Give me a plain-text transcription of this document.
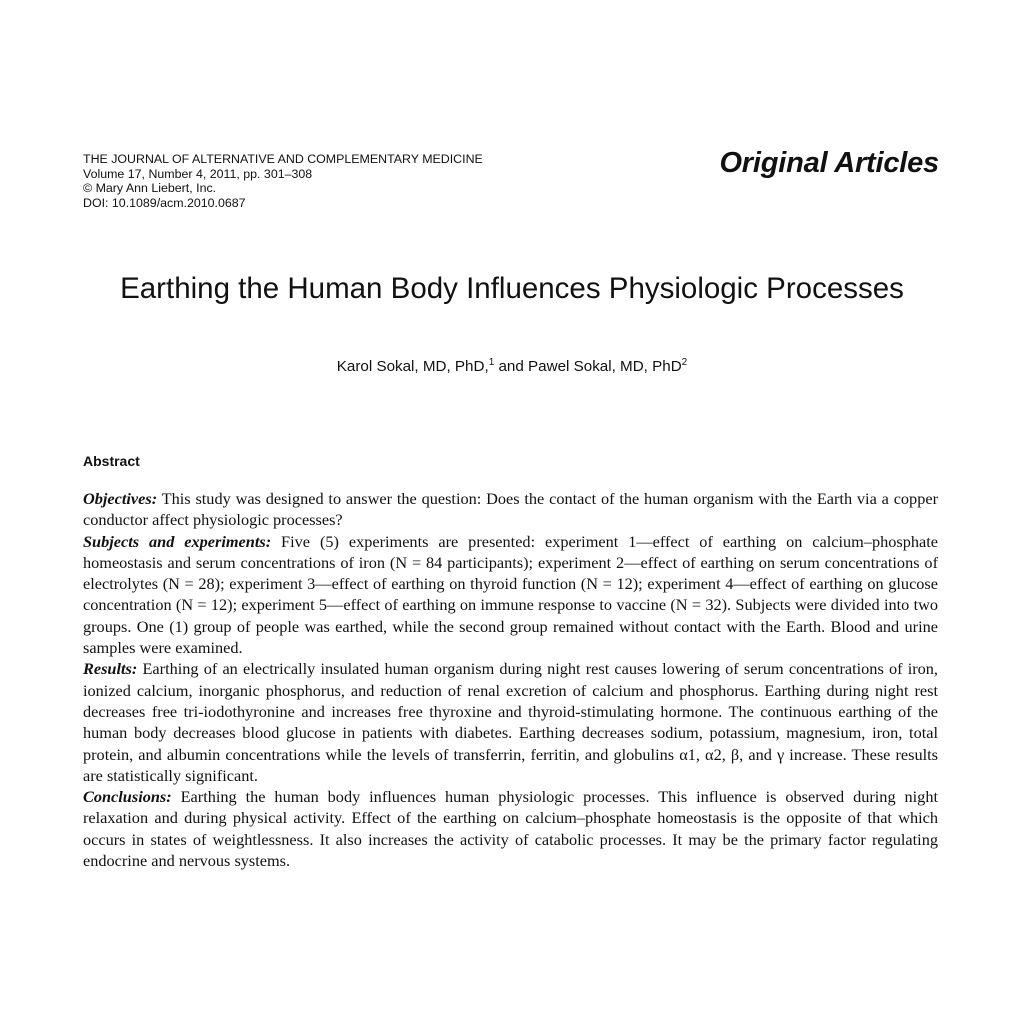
THE JOURNAL OF ALTERNATIVE AND COMPLEMENTARY MEDICINE
Volume 17, Number 4, 2011, pp. 301–308
© Mary Ann Liebert, Inc.
DOI: 10.1089/acm.2010.0687
Original Articles
Earthing the Human Body Influences Physiologic Processes
Karol Sokal, MD, PhD,$^1$ and Pawel Sokal, MD, PhD$^2$
Abstract

Objectives: This study was designed to answer the question: Does the contact of the human organism with the Earth via a copper conductor affect physiologic processes?

Subjects and experiments: Five (5) experiments are presented: experiment 1—effect of earthing on calcium–phosphate homeostasis and serum concentrations of iron (N = 84 participants); experiment 2—effect of earthing on serum concentrations of electrolytes (N = 28); experiment 3—effect of earthing on thyroid function (N = 12); experiment 4—effect of earthing on glucose concentration (N = 12); experiment 5—effect of earthing on immune response to vaccine (N = 32). Subjects were divided into two groups. One (1) group of people was earthed, while the second group remained without contact with the Earth. Blood and urine samples were examined.

Results: Earthing of an electrically insulated human organism during night rest causes lowering of serum concentrations of iron, ionized calcium, inorganic phosphorus, and reduction of renal excretion of calcium and phosphorus. Earthing during night rest decreases free tri-iodothyronine and increases free thyroxine and thyroid-stimulating hormone. The continuous earthing of the human body decreases blood glucose in patients with diabetes. Earthing decreases sodium, potassium, magnesium, iron, total protein, and albumin concentrations while the levels of transferrin, ferritin, and globulins α1, α2, β, and γ increase. These results are statistically significant.

Conclusions: Earthing the human body influences human physiologic processes. This influence is observed during night relaxation and during physical activity. Effect of the earthing on calcium–phosphate homeostasis is the opposite of that which occurs in states of weightlessness. It also increases the activity of catabolic processes. It may be the primary factor regulating endocrine and nervous systems.
